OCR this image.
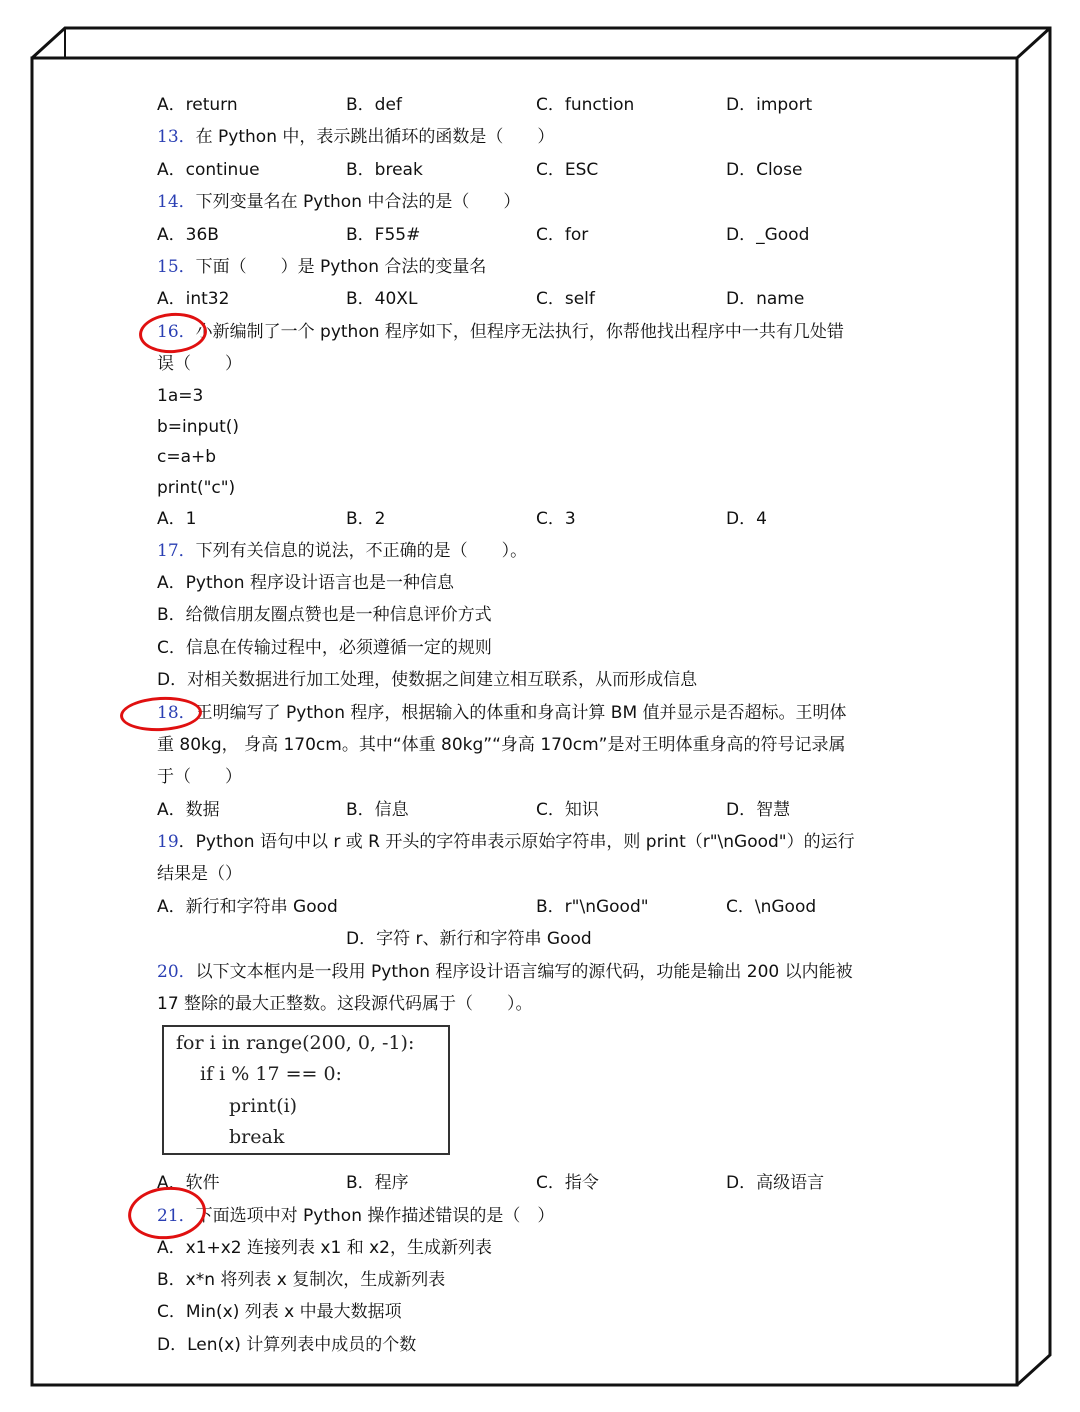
A．return	B．def	C．function	D．import
13．在 Python 中，表示跳出循环的函数是（　　）
A．continue	B．break	C．ESC	D．Close
14．下列变量名在 Python 中合法的是（　　）
A．36B	B．F55#	C．for	D．_Good
15．下面（　　）是 Python 合法的变量名
A．int32	B．40XL	C．self	D．name
16．小新编制了一个 python 程序如下，但程序无法执行，你帮他找出程序中一共有几处错
误（　　）
1a=3
b=input()
c=a+b
print("c")
A．1	B．2	C．3	D．4
17．下列有关信息的说法，不正确的是（　　）。
A．Python 程序设计语言也是一种信息
B．给微信朋友圈点赞也是一种信息评价方式
C．信息在传输过程中，必须遵循一定的规则
D．对相关数据进行加工处理，使数据之间建立相互联系，从而形成信息
18．王明编写了 Python 程序，根据输入的体重和身高计算 BM 值并显示是否超标。王明体
重 80kg， 身高 170cm。其中“体重 80kg”“身高 170cm”是对王明体重身高的符号记录属
于（　　）
A．数据	B．信息	C．知识	D．智慧
19．Python 语句中以 r 或 R 开头的字符串表示原始字符串，则 print（r"\nGood"）的运行
结果是（）
A．新行和字符串 Good	B．r"\nGood"	C．\nGood
D．字符 r、新行和字符串 Good
20．以下文本框内是一段用 Python 程序设计语言编写的源代码，功能是输出 200 以内能被
17 整除的最大正整数。这段源代码属于（　　）。
for i in range(200, 0, -1):
if i % 17 == 0:
print(i)
break
A．软件	B．程序	C．指令	D．高级语言
21．下面选项中对 Python 操作描述错误的是（　）
A．x1+x2 连接列表 x1 和 x2，生成新列表
B．x*n 将列表 x 复制次，生成新列表
C．Min(x) 列表 x 中最大数据项
D．Len(x) 计算列表中成员的个数
